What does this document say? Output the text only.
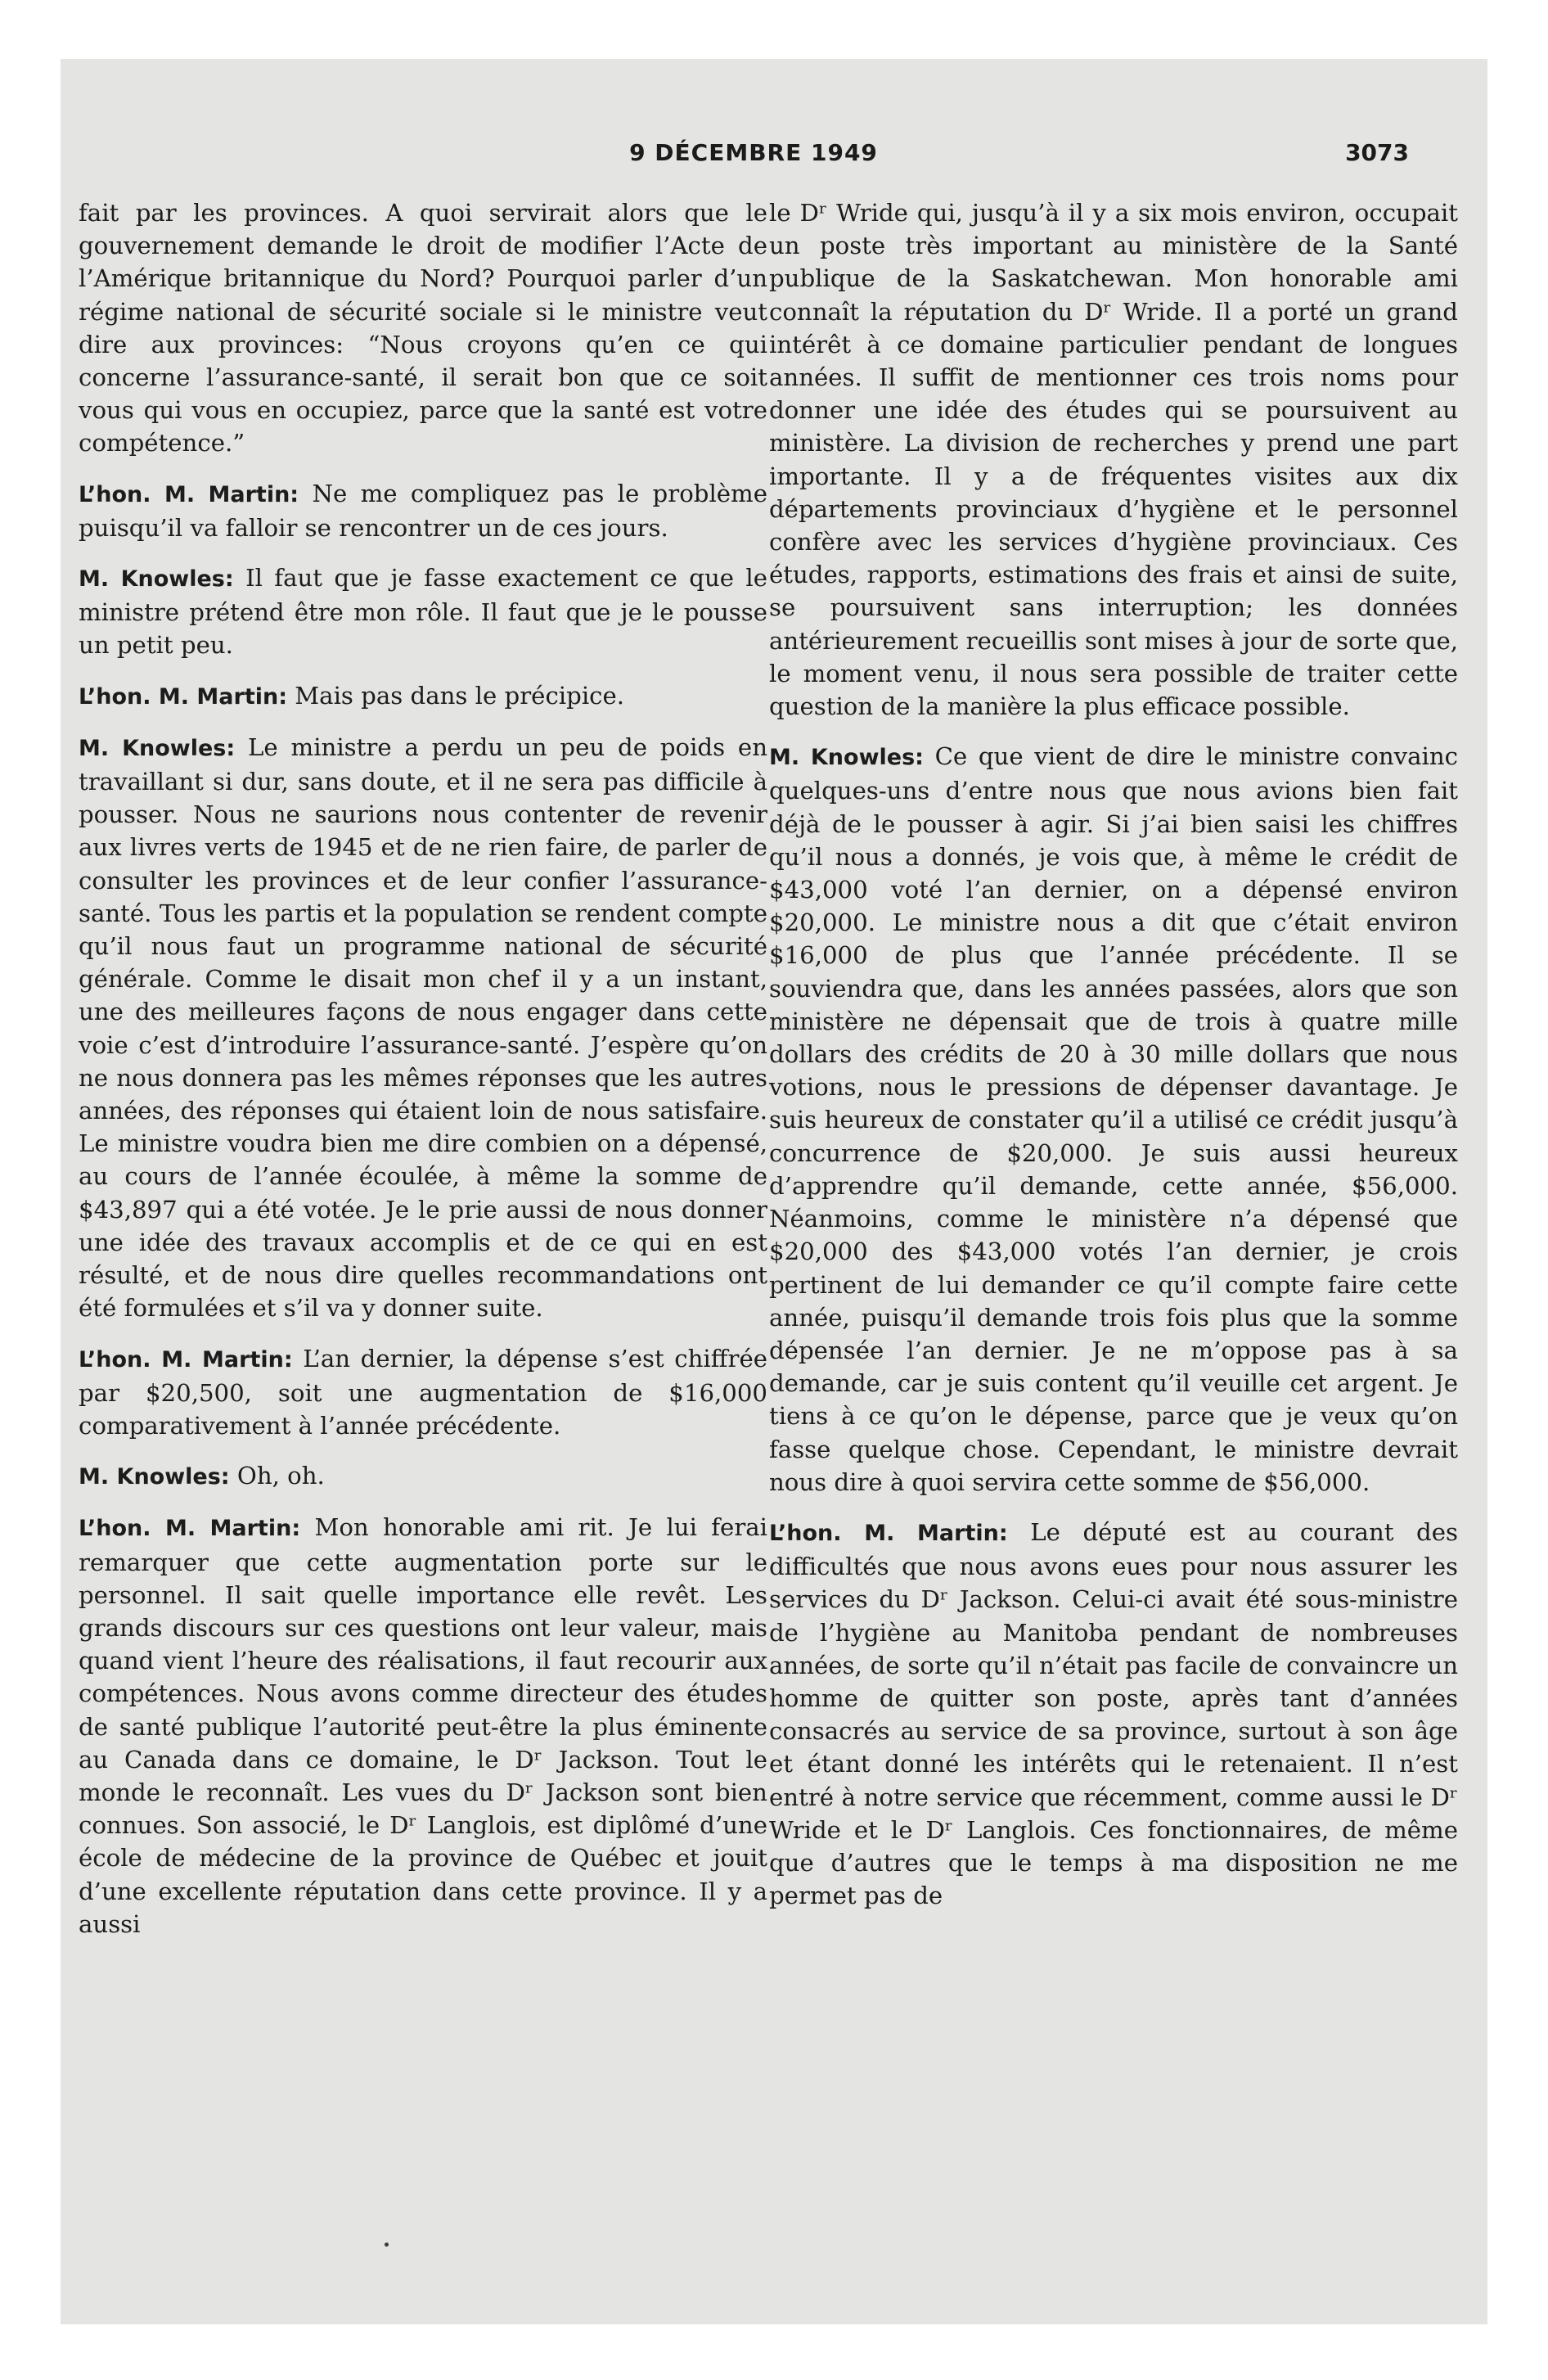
9 DÉCEMBRE 1949	3073

fait par les provinces. A quoi servirait alors que le gouvernement demande le droit de modifier l’Acte de l’Amérique britannique du Nord? Pourquoi parler d’un régime national de sécurité sociale si le ministre veut dire aux provinces: “Nous croyons qu’en ce qui concerne l’assurance-santé, il serait bon que ce soit vous qui vous en occupiez, parce que la santé est votre compétence.”

L’hon. M. Martin: Ne me compliquez pas le problème puisqu’il va falloir se rencontrer un de ces jours.

M. Knowles: Il faut que je fasse exactement ce que le ministre prétend être mon rôle. Il faut que je le pousse un petit peu.

L’hon. M. Martin: Mais pas dans le précipice.

M. Knowles: Le ministre a perdu un peu de poids en travaillant si dur, sans doute, et il ne sera pas difficile à pousser. Nous ne saurions nous contenter de revenir aux livres verts de 1945 et de ne rien faire, de parler de consulter les provinces et de leur confier l’assurance-santé. Tous les partis et la population se rendent compte qu’il nous faut un programme national de sécurité générale. Comme le disait mon chef il y a un instant, une des meilleures façons de nous engager dans cette voie c’est d’introduire l’assurance-santé. J’espère qu’on ne nous donnera pas les mêmes réponses que les autres années, des réponses qui étaient loin de nous satisfaire. Le ministre voudra bien me dire combien on a dépensé, au cours de l’année écoulée, à même la somme de $43,897 qui a été votée. Je le prie aussi de nous donner une idée des travaux accomplis et de ce qui en est résulté, et de nous dire quelles recommandations ont été formulées et s’il va y donner suite.

L’hon. M. Martin: L’an dernier, la dépense s’est chiffrée par $20,500, soit une augmentation de $16,000 comparativement à l’année précédente.

M. Knowles: Oh, oh.

L’hon. M. Martin: Mon honorable ami rit. Je lui ferai remarquer que cette augmentation porte sur le personnel. Il sait quelle importance elle revêt. Les grands discours sur ces questions ont leur valeur, mais quand vient l’heure des réalisations, il faut recourir aux compétences. Nous avons comme directeur des études de santé publique l’autorité peut-être la plus éminente au Canada dans ce domaine, le Dʳ Jackson. Tout le monde le reconnaît. Les vues du Dʳ Jackson sont bien connues. Son associé, le Dʳ Langlois, est diplômé d’une école de médecine de la province de Québec et jouit d’une excellente réputation dans cette province. Il y a aussi

le Dʳ Wride qui, jusqu’à il y a six mois environ, occupait un poste très important au ministère de la Santé publique de la Saskatchewan. Mon honorable ami connaît la réputation du Dʳ Wride. Il a porté un grand intérêt à ce domaine particulier pendant de longues années. Il suffit de mentionner ces trois noms pour donner une idée des études qui se poursuivent au ministère. La division de recherches y prend une part importante. Il y a de fréquentes visites aux dix départements provinciaux d’hygiène et le personnel confère avec les services d’hygiène provinciaux. Ces études, rapports, estimations des frais et ainsi de suite, se poursuivent sans interruption; les données antérieurement recueillis sont mises à jour de sorte que, le moment venu, il nous sera possible de traiter cette question de la manière la plus efficace possible.

M. Knowles: Ce que vient de dire le ministre convainc quelques-uns d’entre nous que nous avions bien fait déjà de le pousser à agir. Si j’ai bien saisi les chiffres qu’il nous a donnés, je vois que, à même le crédit de $43,000 voté l’an dernier, on a dépensé environ $20,000. Le ministre nous a dit que c’était environ $16,000 de plus que l’année précédente. Il se souviendra que, dans les années passées, alors que son ministère ne dépensait que de trois à quatre mille dollars des crédits de 20 à 30 mille dollars que nous votions, nous le pressions de dépenser davantage. Je suis heureux de constater qu’il a utilisé ce crédit jusqu’à concurrence de $20,000. Je suis aussi heureux d’apprendre qu’il demande, cette année, $56,000. Néanmoins, comme le ministère n’a dépensé que $20,000 des $43,000 votés l’an dernier, je crois pertinent de lui demander ce qu’il compte faire cette année, puisqu’il demande trois fois plus que la somme dépensée l’an dernier. Je ne m’oppose pas à sa demande, car je suis content qu’il veuille cet argent. Je tiens à ce qu’on le dépense, parce que je veux qu’on fasse quelque chose. Cependant, le ministre devrait nous dire à quoi servira cette somme de $56,000.

L’hon. M. Martin: Le député est au courant des difficultés que nous avons eues pour nous assurer les services du Dʳ Jackson. Celui-ci avait été sous-ministre de l’hygiène au Manitoba pendant de nombreuses années, de sorte qu’il n’était pas facile de convaincre un homme de quitter son poste, après tant d’années consacrés au service de sa province, surtout à son âge et étant donné les intérêts qui le retenaient. Il n’est entré à notre service que récemment, comme aussi le Dʳ Wride et le Dʳ Langlois. Ces fonctionnaires, de même que d’autres que le temps à ma disposition ne me permet pas de
